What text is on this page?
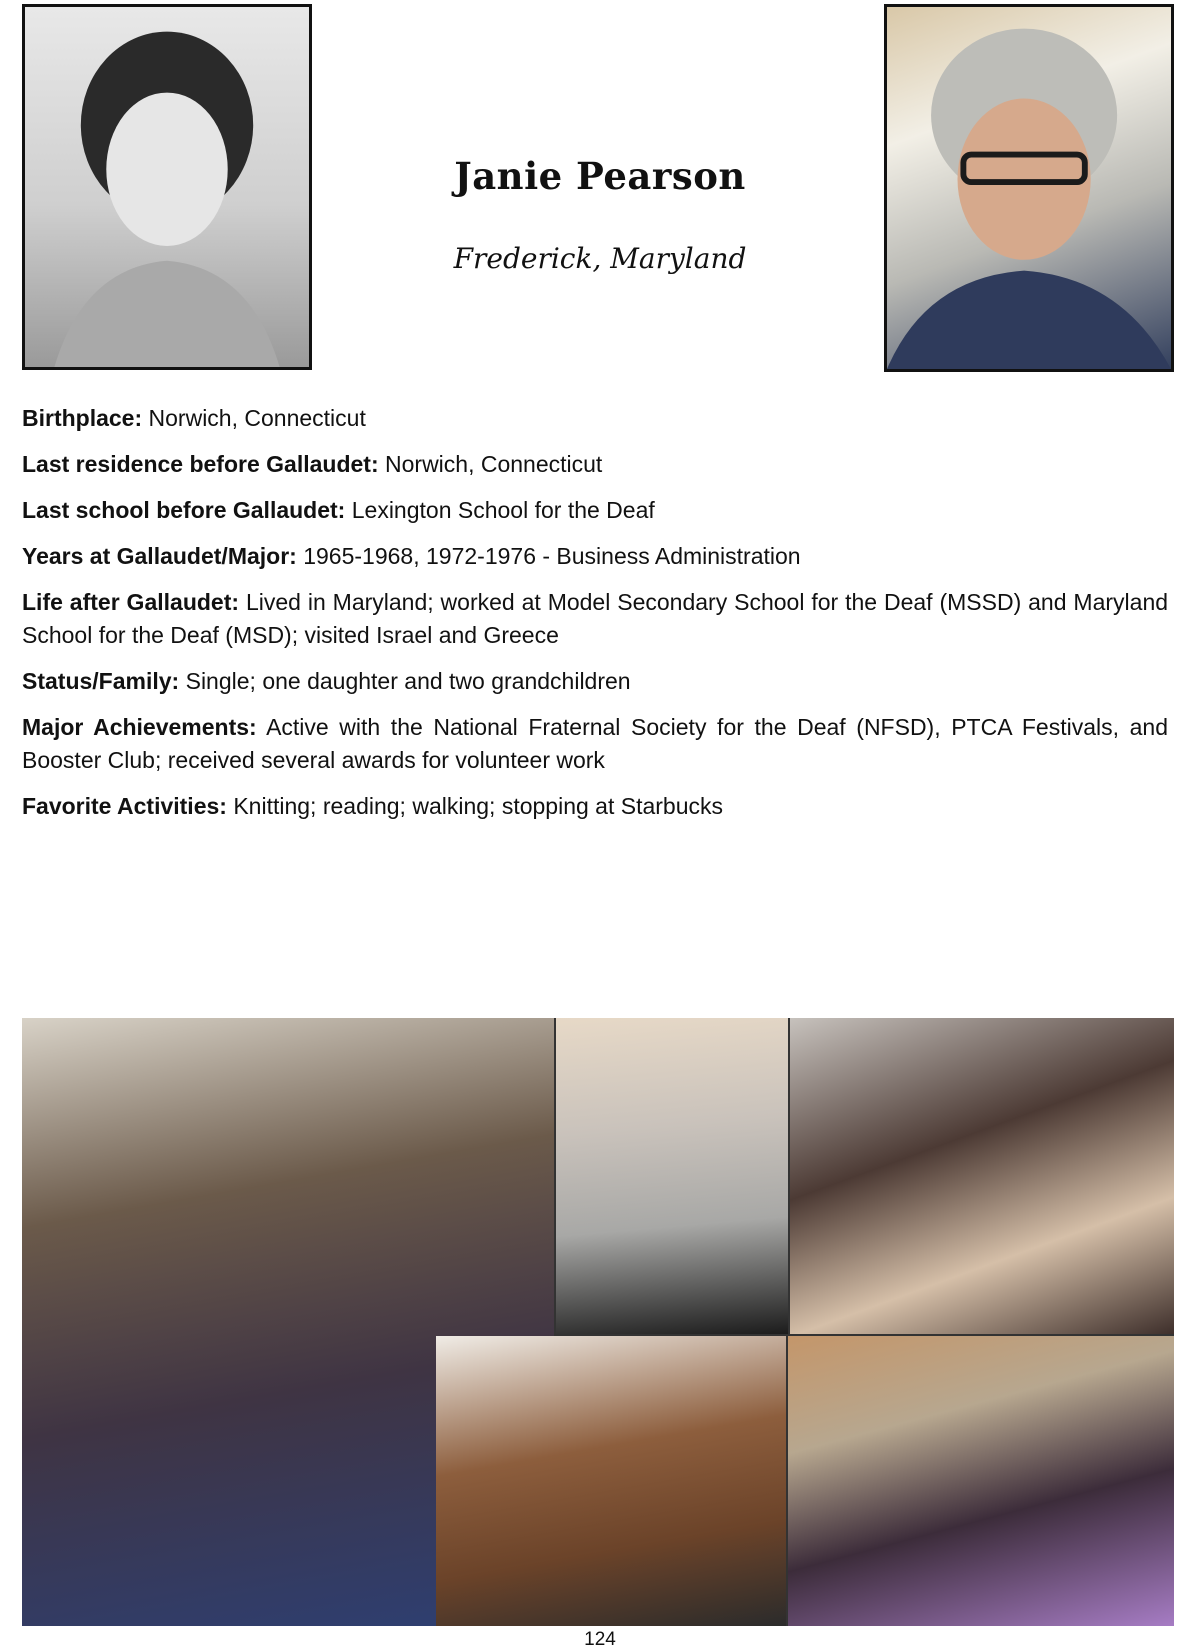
Janie Pearson
Frederick, Maryland

Birthplace: Norwich, Connecticut

Last residence before Gallaudet: Norwich, Connecticut

Last school before Gallaudet: Lexington School for the Deaf

Years at Gallaudet/Major: 1965-1968, 1972-1976 - Business Administration

Life after Gallaudet: Lived in Maryland; worked at Model Secondary School for the Deaf (MSSD) and Maryland School for the Deaf (MSD); visited Israel and Greece

Status/Family: Single; one daughter and two grandchildren

Major Achievements: Active with the National Fraternal Society for the Deaf (NFSD), PTCA Festivals, and Booster Club; received several awards for volunteer work

Favorite Activities: Knitting; reading; walking; stopping at Starbucks

124
